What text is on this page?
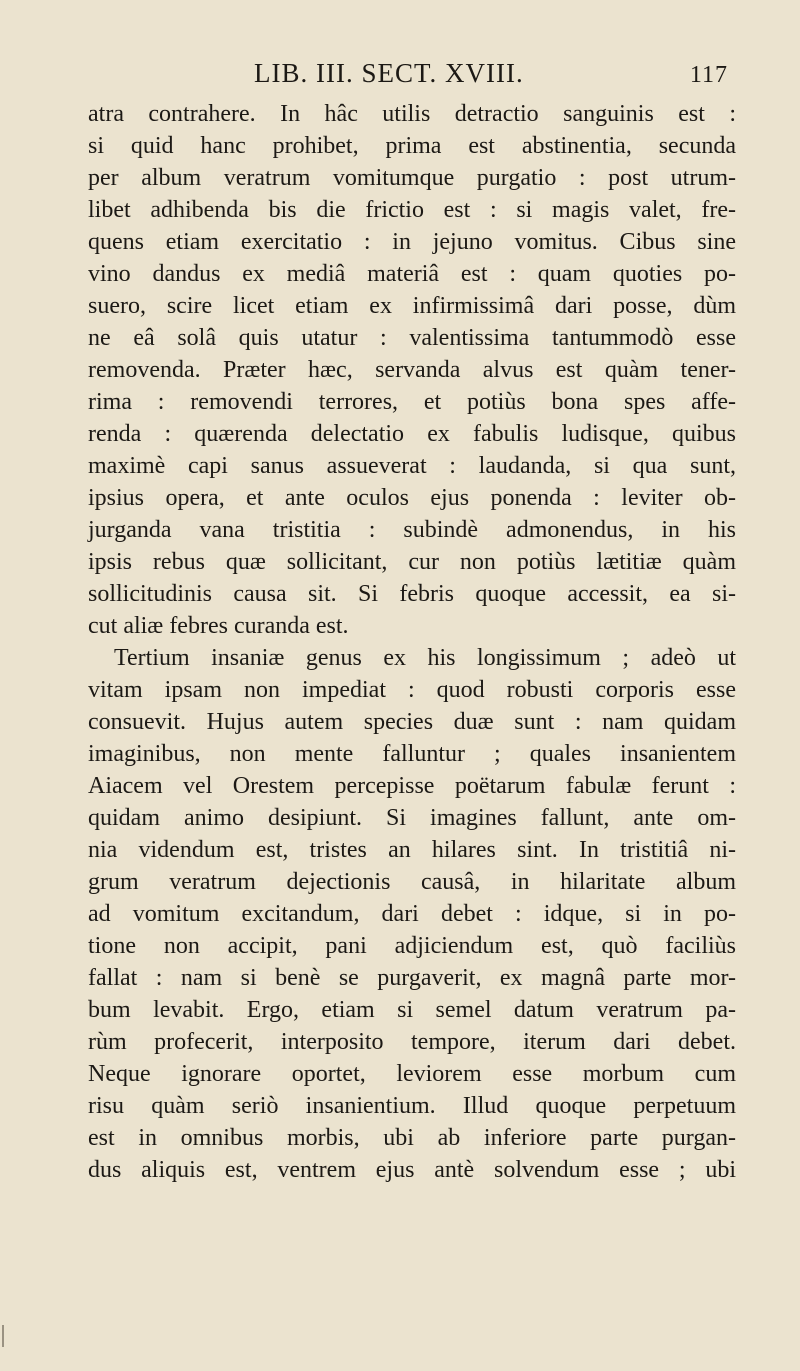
LIB. III. SECT. XVIII.	117
atra contrahere. In hâc utilis detractio sanguinis est :
si quid hanc prohibet, prima est abstinentia, secunda
per album veratrum vomitumque purgatio : post utrum-
libet adhibenda bis die frictio est : si magis valet, fre-
quens etiam exercitatio : in jejuno vomitus. Cibus sine
vino dandus ex mediâ materiâ est : quam quoties po-
suero, scire licet etiam ex infirmissimâ dari posse, dùm
ne eâ solâ quis utatur : valentissima tantummodò esse
removenda. Præter hæc, servanda alvus est quàm tener-
rima : removendi terrores, et potiùs bona spes affe-
renda : quærenda delectatio ex fabulis ludisque, quibus
maximè capi sanus assueverat : laudanda, si qua sunt,
ipsius opera, et ante oculos ejus ponenda : leviter ob-
jurganda vana tristitia : subindè admonendus, in his
ipsis rebus quæ sollicitant, cur non potiùs lætitiæ quàm
sollicitudinis causa sit. Si febris quoque accessit, ea si-
cut aliæ febres curanda est.
Tertium insaniæ genus ex his longissimum ; adeò ut
vitam ipsam non impediat : quod robusti corporis esse
consuevit. Hujus autem species duæ sunt : nam quidam
imaginibus, non mente falluntur ; quales insanientem
Aiacem vel Orestem percepisse poëtarum fabulæ ferunt :
quidam animo desipiunt. Si imagines fallunt, ante om-
nia videndum est, tristes an hilares sint. In tristitiâ ni-
grum veratrum dejectionis causâ, in hilaritate album
ad vomitum excitandum, dari debet : idque, si in po-
tione non accipit, pani adjiciendum est, quò faciliùs
fallat : nam si benè se purgaverit, ex magnâ parte mor-
bum levabit. Ergo, etiam si semel datum veratrum pa-
rùm profecerit, interposito tempore, iterum dari debet.
Neque ignorare oportet, leviorem esse morbum cum
risu quàm seriò insanientium. Illud quoque perpetuum
est in omnibus morbis, ubi ab inferiore parte purgan-
dus aliquis est, ventrem ejus antè solvendum esse ; ubi
